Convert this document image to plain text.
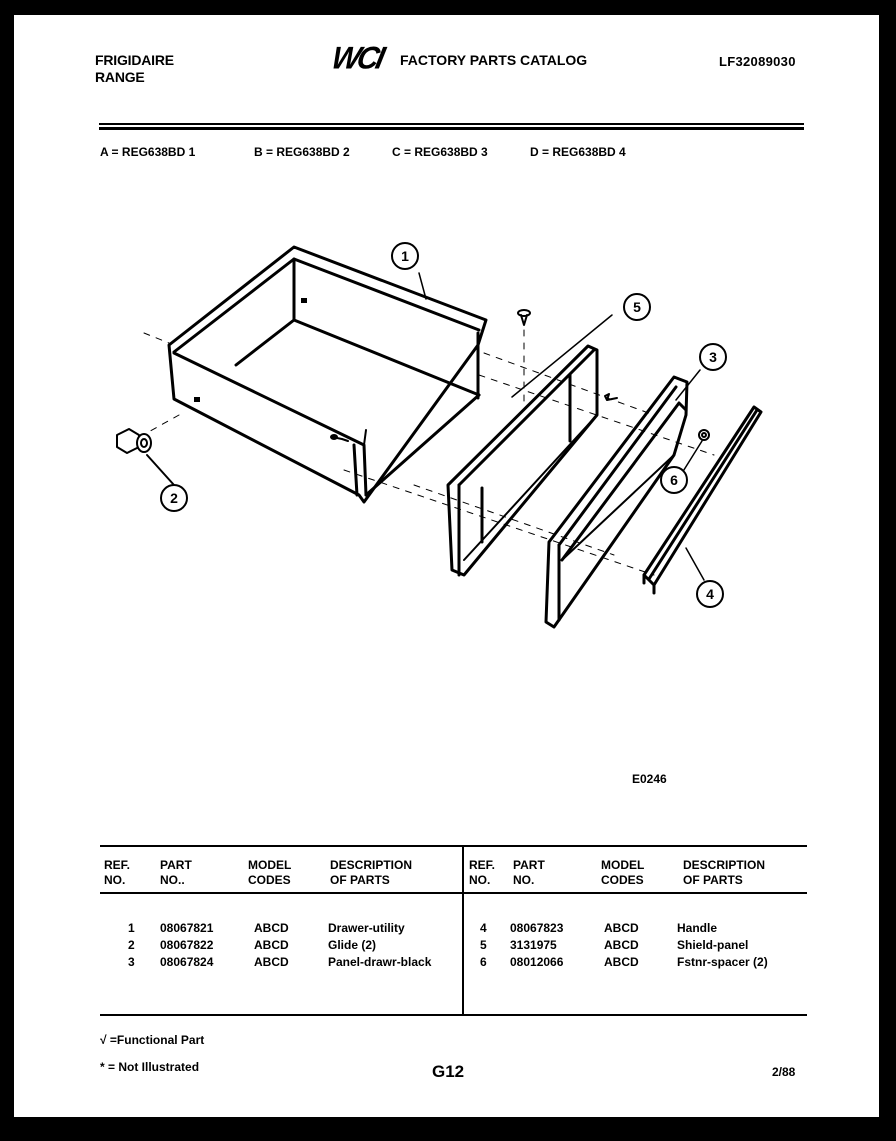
FRIGIDAIRE
RANGE
WCI FACTORY PARTS CATALOG	LF32089030
A = REG638BD 1	B = REG638BD 2	C = REG638BD 3	D = REG638BD 4
1
2
3
4
5
6
E0246
REF.
NO.
PART
NO..
MODEL
CODES
DESCRIPTION
OF PARTS
REF.
NO.
PART
NO.
MODEL
CODES
DESCRIPTION
OF PARTS
1 08067821	ABCD	Drawer-utility
2 08067822	ABCD	Glide (2)
3 08067824	ABCD	Panel-drawr-black
4 08067823	ABCD	Handle
5 3131975	ABCD	Shield-panel
6 08012066	ABCD	Fstnr-spacer (2)
√ =Functional Part
* = Not Illustrated	G12	2/88
